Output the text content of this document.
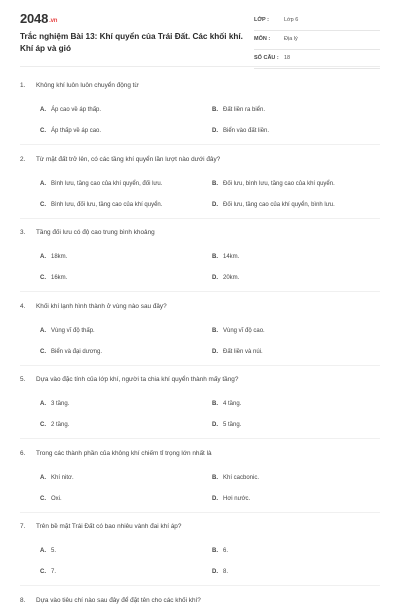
2048.vn
Trắc nghiệm Bài 13: Khí quyển của Trái Đất. Các khối khí. Khí áp và gió
LỚP :	Lớp 6
MÔN :	Địa lý
SỐ CÂU : 18
1. Không khí luôn luôn chuyển động từ
A. Áp cao về áp thấp.	B. Đất liền ra biển.
C. Áp thấp về áp cao.	D. Biển vào đất liền.
2. Từ mặt đất trở lên, có các tầng khí quyển lần lượt nào dưới đây?
A. Bình lưu, tầng cao của khí quyển, đối lưu.	B. Đối lưu, bình lưu, tầng cao của khí quyển.
C. Bình lưu, đối lưu, tầng cao của khí quyển.	D. Đối lưu, tầng cao của khí quyển, bình lưu.
3. Tầng đối lưu có độ cao trung bình khoảng
A. 18km.	B. 14km.
C. 16km.	D. 20km.
4. Khối khí lạnh hình thành ở vùng nào sau đây?
A. Vùng vĩ độ thấp.	B. Vùng vĩ độ cao.
C. Biển và đại dương.	D. Đất liền và núi.
5. Dựa vào đặc tính của lớp khí, người ta chia khí quyển thành mấy tầng?
A. 3 tầng.	B. 4 tầng.
C. 2 tầng.	D. 5 tầng.
6. Trong các thành phần của không khí chiếm tỉ trọng lớn nhất là
A. Khí nitơ.	B. Khí cacbonic.
C. Oxi.	D. Hơi nước.
7. Trên bề mặt Trái Đất có bao nhiêu vành đai khí áp?
A. 5.	B. 6.
C. 7.	D. 8.
8. Dựa vào tiêu chí nào sau đây để đặt tên cho các khối khí?
